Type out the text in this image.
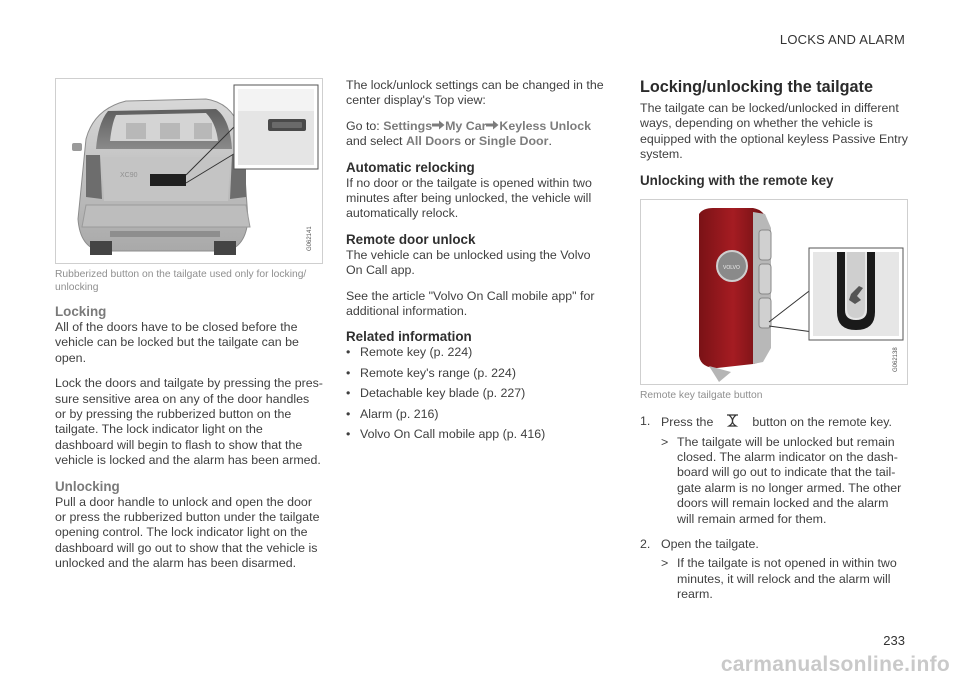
LOCKS AND ALARM
XC90
G062141
Rubberized button on the tailgate used only for locking/ unlocking
Locking

All of the doors have to be closed before the vehicle can be locked but the tailgate can be open.

Lock the doors and tailgate by pressing the pres- sure sensitive area on any of the door handles or by pressing the rubberized button on the tailgate. The lock indicator light on the dashboard will begin to flash to show that the vehicle is locked and the alarm has been armed.

Unlocking

Pull a door handle to unlock and open the door or press the rubberized button under the tailgate opening control. The lock indicator light on the dashboard will go out to show that the vehicle is unlocked and the alarm has been disarmed.

The lock/unlock settings can be changed in the center display's Top view:

Go to: Settings My Car Keyless Unlock
and select All Doors or Single Door.

Automatic relocking

If no door or the tailgate is opened within two minutes after being unlocked, the vehicle will automatically relock.

Remote door unlock

The vehicle can be unlocked using the Volvo On Call app.

See the article "Volvo On Call mobile app" for additional information.

Related information
• Remote key (p. 224)
• Remote key's range (p. 224)
• Detachable key blade (p. 227)
• Alarm (p. 216)
• Volvo On Call mobile app (p. 416)
Locking/unlocking the tailgate

The tailgate can be locked/unlocked in different ways, depending on whether the vehicle is equipped with the optional keyless Passive Entry system.

Unlocking with the remote key
VOLVO
G062138
Remote key tailgate button
1. Press the	button on the remote key.
> The tailgate will be unlocked but remain closed. The alarm indicator on the dash- board will go out to indicate that the tail- gate alarm is no longer armed. The other doors will remain locked and the alarm will remain armed for them.
2. Open the tailgate.
> If the tailgate is not opened in within two minutes, it will relock and the alarm will rearm.
233
carmanualsonline.info
